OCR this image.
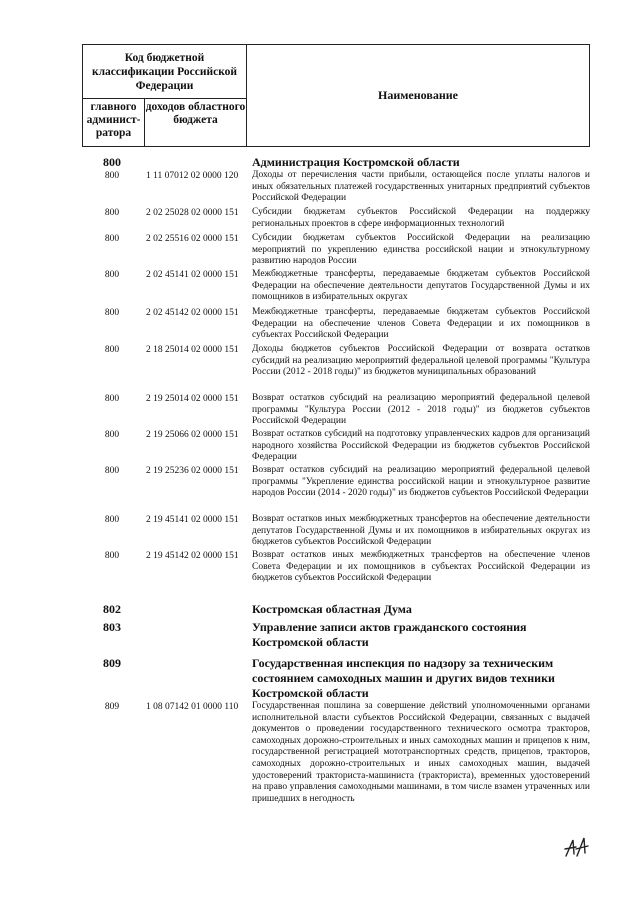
Код бюджетной классификации Российской Федерации
главного админист-ратора
доходов областного бюджета
Наименование
800	Администрация Костромской области
800	1 11 07012 02 0000 120	Доходы от перечисления части прибыли, остающейся после уплаты налогов и иных обязательных платежей государственных унитарных предприятий субъектов Российской Федерации
800	2 02 25028 02 0000 151	Субсидии бюджетам субъектов Российской Федерации на поддержку региональных проектов в сфере информационных технологий
800	2 02 25516 02 0000 151	Субсидии бюджетам субъектов Российской Федерации на реализацию мероприятий по укреплению единства российской нации и этнокультурному развитию народов России
800	2 02 45141 02 0000 151	Межбюджетные трансферты, передаваемые бюджетам субъектов Российской Федерации на обеспечение деятельности депутатов Государственной Думы и их помощников в избирательных округах
800	2 02 45142 02 0000 151	Межбюджетные трансферты, передаваемые бюджетам субъектов Российской Федерации на обеспечение членов Совета Федерации и их помощников в субъектах Российской Федерации
800	2 18 25014 02 0000 151	Доходы бюджетов субъектов Российской Федерации от возврата остатков субсидий на реализацию мероприятий федеральной целевой программы "Культура России (2012 - 2018 годы)" из бюджетов муниципальных образований
800	2 19 25014 02 0000 151	Возврат остатков субсидий на реализацию мероприятий федеральной целевой программы "Культура России (2012 - 2018 годы)" из бюджетов субъектов Российской Федерации
800	2 19 25066 02 0000 151	Возврат остатков субсидий на подготовку управленческих кадров для организаций народного хозяйства Российской Федерации из бюджетов субъектов Российской Федерации
800	2 19 25236 02 0000 151	Возврат остатков субсидий на реализацию мероприятий федеральной целевой программы "Укрепление единства российской нации и этнокультурное развитие народов России (2014 - 2020 годы)" из бюджетов субъектов Российской Федерации
800	2 19 45141 02 0000 151	Возврат остатков иных межбюджетных трансфертов на обеспечение деятельности депутатов Государственной Думы и их помощников в избирательных округах из бюджетов субъектов Российской Федерации
800	2 19 45142 02 0000 151	Возврат остатков иных межбюджетных трансфертов на обеспечение членов Совета Федерации и их помощников в субъектах Российской Федерации из бюджетов субъектов Российской Федерации
802	Костромская областная Дума
803	Управление записи актов гражданского состояния Костромской области
809	Государственная инспекция по надзору за техническим состоянием самоходных машин и других видов техники Костромской области
809	1 08 07142 01 0000 110	Государственная пошлина за совершение действий уполномоченными органами исполнительной власти субъектов Российской Федерации, связанных с выдачей документов о проведении государственного технического осмотра тракторов, самоходных дорожно-строительных и иных самоходных машин и прицепов к ним, государственной регистрацией мототранспортных средств, прицепов, тракторов, самоходных дорожно-строительных и иных самоходных машин, выдачей удостоверений тракториста-машиниста (тракториста), временных удостоверений на право управления самоходными машинами, в том числе взамен утраченных или пришедших в негодность
